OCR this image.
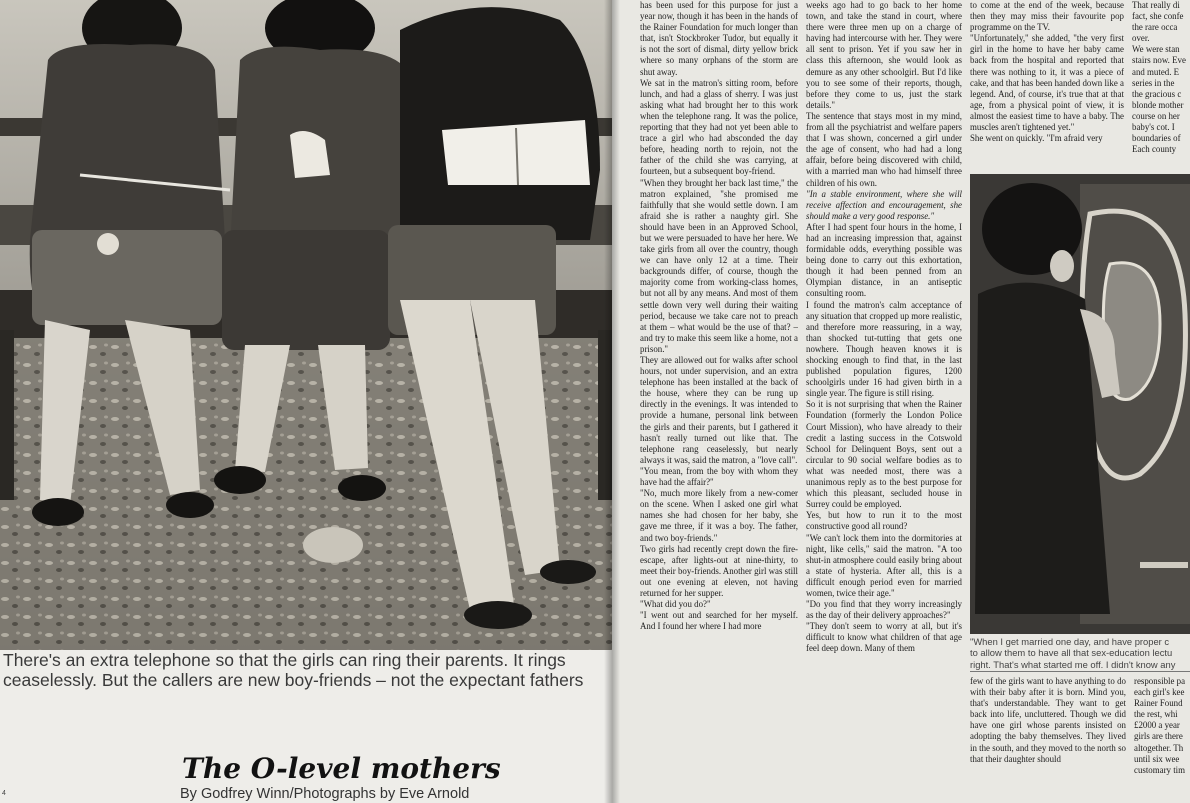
There's an extra telephone so that the girls can ring their parents. It rings
ceaselessly. But the callers are new boy-friends – not the expectant fathers
The O-level mothers
By Godfrey Winn/Photographs by Eve Arnold
4

has been used for this purpose for just a year now, though it has been in the hands of the Rainer Foundation for much longer than that, isn't Stockbroker Tudor, but equally it is not the sort of dismal, dirty yellow brick where so many orphans of the storm are shut away.

We sat in the matron's sitting room, before lunch, and had a glass of sherry. I was just asking what had brought her to this work when the telephone rang. It was the police, reporting that they had not yet been able to trace a girl who had absconded the day before, heading north to rejoin, not the father of the child she was carrying, at fourteen, but a subsequent boy-friend.

"When they brought her back last time," the matron explained, "she promised me faithfully that she would settle down. I am afraid she is rather a naughty girl. She should have been in an Approved School, but we were persuaded to have her here. We take girls from all over the country, though we can have only 12 at a time. Their backgrounds differ, of course, though the majority come from working-class homes, but not all by any means. And most of them settle down very well during their waiting period, because we take care not to preach at them – what would be the use of that? – and try to make this seem like a home, not a prison."

They are allowed out for walks after school hours, not under supervision, and an extra telephone has been installed at the back of the house, where they can be rung up directly in the evenings. It was intended to provide a humane, personal link between the girls and their parents, but I gathered it hasn't really turned out like that. The telephone rang ceaselessly, but nearly always it was, said the matron, a "love call".

"You mean, from the boy with whom they have had the affair?"

"No, much more likely from a new-comer on the scene. When I asked one girl what names she had chosen for her baby, she gave me three, if it was a boy. The father, and two boy-friends."

Two girls had recently crept down the fire-escape, after lights-out at nine-thirty, to meet their boy-friends. Another girl was still out one evening at eleven, not having returned for her supper.

"What did you do?"

"I went out and searched for her myself. And I found her where I had more

weeks ago had to go back to her home town, and take the stand in court, where there were three men up on a charge of having had intercourse with her. They were all sent to prison. Yet if you saw her in class this afternoon, she would look as demure as any other schoolgirl. But I'd like you to see some of their reports, though, before they come to us, just the stark details."

The sentence that stays most in my mind, from all the psychiatrist and welfare papers that I was shown, concerned a girl under the age of consent, who had had a long affair, before being discovered with child, with a married man who had himself three children of his own.

"In a stable environment, where she will receive affection and encouragement, she should make a very good response."

After I had spent four hours in the home, I had an increasing impression that, against formidable odds, everything possible was being done to carry out this exhortation, though it had been penned from an Olympian distance, in an antiseptic consulting room.

I found the matron's calm acceptance of any situation that cropped up more realistic, and therefore more reassuring, in a way, than shocked tut-tutting that gets one nowhere. Though heaven knows it is shocking enough to find that, in the last published population figures, 1200 schoolgirls under 16 had given birth in a single year. The figure is still rising.

So it is not surprising that when the Rainer Foundation (formerly the London Police Court Mission), who have already to their credit a lasting success in the Cotswold School for Delinquent Boys, sent out a circular to 90 social welfare bodies as to what was needed most, there was a unanimous reply as to the best purpose for which this pleasant, secluded house in Surrey could be employed.

Yes, but how to run it to the most constructive good all round?

"We can't lock them into the dormitories at night, like cells," said the matron. "A too shut-in atmosphere could easily bring about a state of hysteria. After all, this is a difficult enough period even for married women, twice their age."

"Do you find that they worry increasingly as the day of their delivery approaches?"

"They don't seem to worry at all, but it's difficult to know what children of that age feel deep down. Many of them

to come at the end of the week, because then they may miss their favourite pop programme on the TV.

"Unfortunately," she added, "the very first girl in the home to have her baby came back from the hospital and reported that there was nothing to it, it was a piece of cake, and that has been handed down like a legend. And, of course, it's true that at that age, from a physical point of view, it is almost the easiest time to have a baby. The muscles aren't tightened yet."

She went on quickly. "I'm afraid very

That really di
fact, she confe
the rare occa
over.
We were stan
stairs now. Eve
and muted. E
series in the
the gracious c
blonde mother
course on her
baby's cot. I
boundaries of
Each county
"When I get married one day, and have proper c
to allow them to have all that sex-education lectu
right. That's what started me off. I didn't know any

few of the girls want to have anything to do with their baby after it is born. Mind you, that's understandable. They want to get back into life, uncluttered. Though we did have one girl whose parents insisted on adopting the baby themselves. They lived in the south, and they moved to the north so that their daughter should

responsible pa
each girl's kee
Rainer Found
the rest, whi
£2000 a year
girls are there
altogether. Th
until six wee
customary tim
